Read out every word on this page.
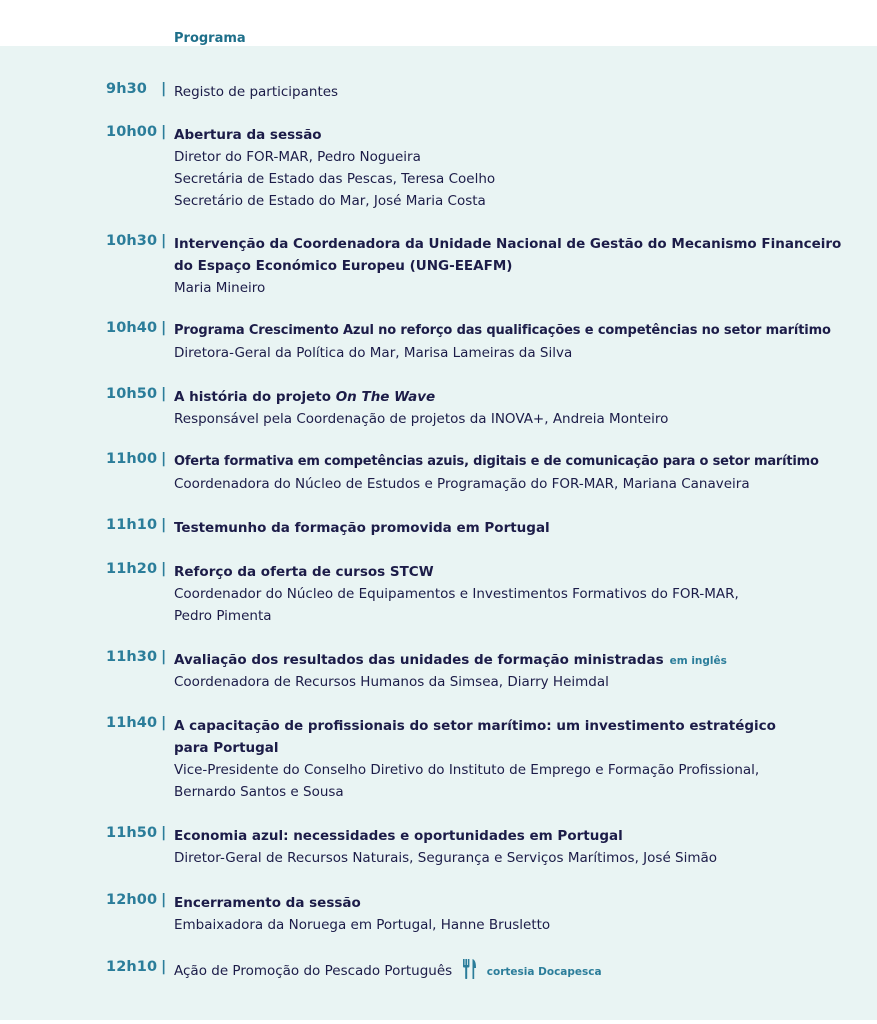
Programa
9h30 | Registo de participantes
10h00 | Abertura da sessão
Diretor do FOR-MAR, Pedro Nogueira
Secretária de Estado das Pescas, Teresa Coelho
Secretário de Estado do Mar, José Maria Costa
10h30 | Intervenção da Coordenadora da Unidade Nacional de Gestão do Mecanismo Financeiro
do Espaço Económico Europeu (UNG-EEAFM)
Maria Mineiro
10h40 | Programa Crescimento Azul no reforço das qualificações e competências no setor marítimo
Diretora-Geral da Política do Mar, Marisa Lameiras da Silva
10h50 | A história do projeto On The Wave
Responsável pela Coordenação de projetos da INOVA+, Andreia Monteiro
11h00 | Oferta formativa em competências azuis, digitais e de comunicação para o setor marítimo
Coordenadora do Núcleo de Estudos e Programação do FOR-MAR, Mariana Canaveira
11h10 | Testemunho da formação promovida em Portugal
11h20 | Reforço da oferta de cursos STCW
Coordenador do Núcleo de Equipamentos e Investimentos Formativos do FOR-MAR,
Pedro Pimenta
11h30 | Avaliação dos resultados das unidades de formação ministradas em inglês
Coordenadora de Recursos Humanos da Simsea, Diarry Heimdal
11h40 | A capacitação de profissionais do setor marítimo: um investimento estratégico
para Portugal
Vice-Presidente do Conselho Diretivo do Instituto de Emprego e Formação Profissional,
Bernardo Santos e Sousa
11h50 | Economia azul: necessidades e oportunidades em Portugal
Diretor-Geral de Recursos Naturais, Segurança e Serviços Marítimos, José Simão
12h00 | Encerramento da sessão
Embaixadora da Noruega em Portugal, Hanne Brusletto
12h10 | Ação de Promoção do Pescado Português	cortesia Docapesca
